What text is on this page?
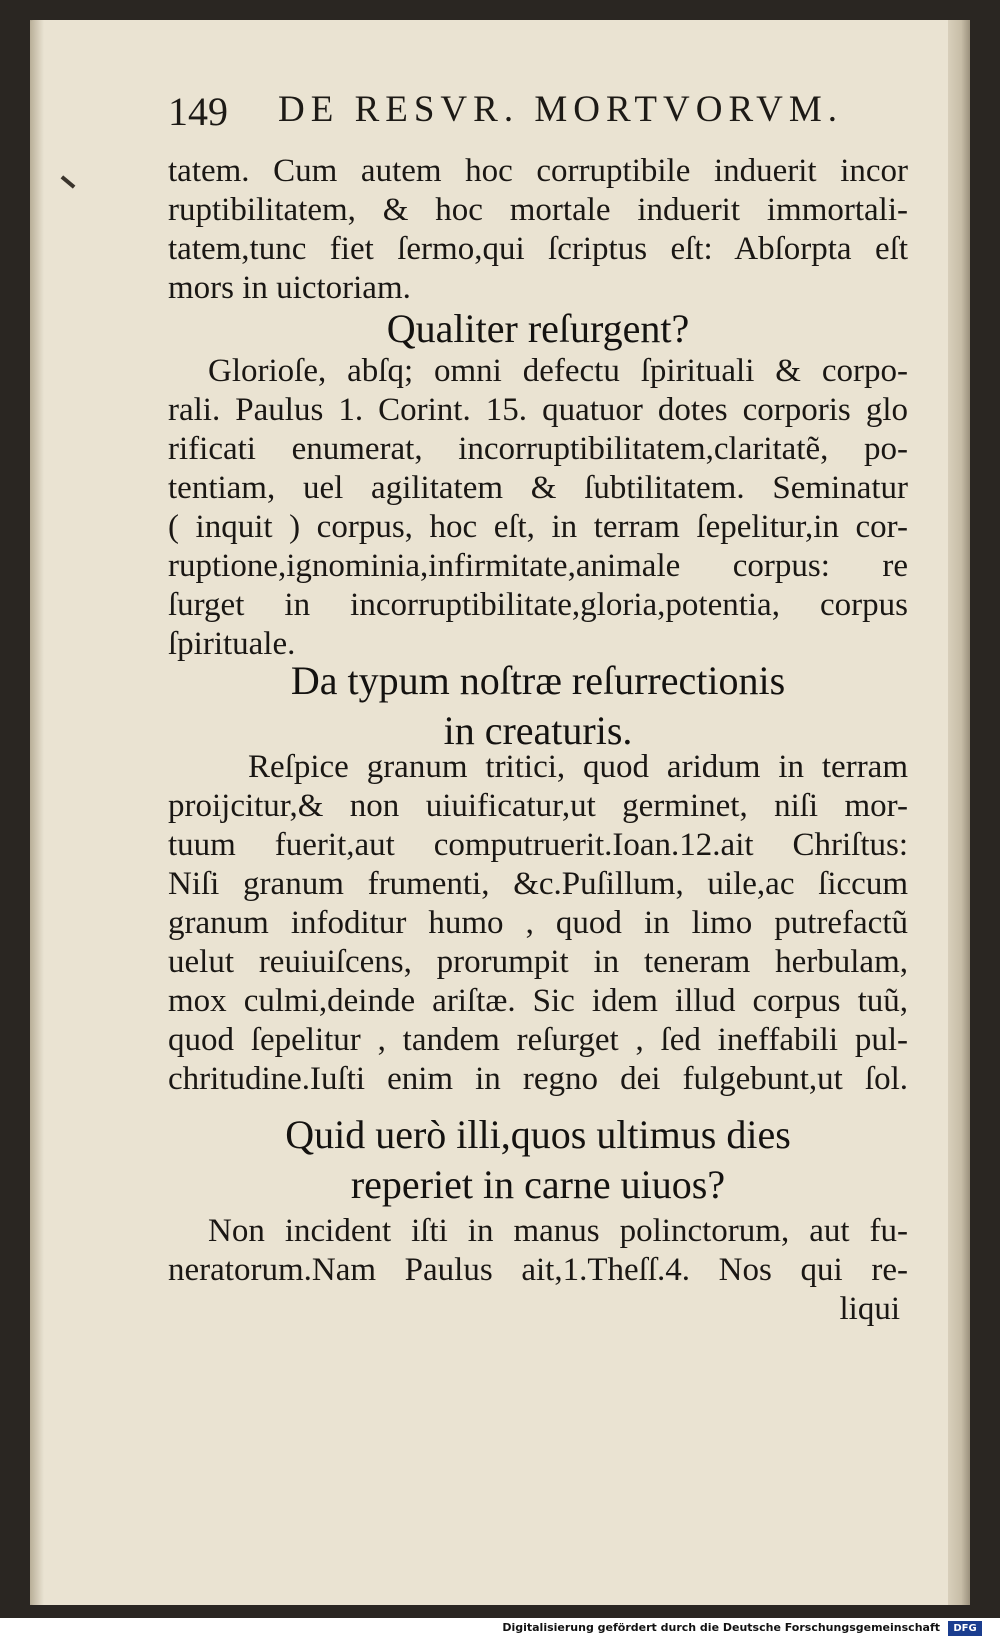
149 DE RESVR. MORTVORVM.
tatem. Cum autem hoc corruptibile induerit incor
ruptibilitatem, & hoc mortale induerit immortali-
tatem,tunc fiet ſermo,qui ſcriptus eſt: Abſorpta eſt
mors in uictoriam.
Qualiter reſurgent?
Glorioſe, abſq; omni defectu ſpirituali & corpo-
rali. Paulus 1. Corint. 15. quatuor dotes corporis glo
rificati enumerat, incorruptibilitatem,claritatẽ, po-
tentiam, uel agilitatem & ſubtilitatem. Seminatur
( inquit ) corpus, hoc eſt, in terram ſepelitur,in cor-
ruptione,ignominia,infirmitate,animale corpus: re
ſurget in incorruptibilitate,gloria,potentia, corpus
ſpirituale.
Da typum noſtræ reſurrectionis
in creaturis.
Reſpice granum tritici, quod aridum in terram
proijcitur,& non uiuificatur,ut germinet, niſi mor-
tuum fuerit,aut computruerit.Ioan.12.ait Chriſtus:
Niſi granum frumenti, &c.Puſillum, uile,ac ſiccum
granum infoditur humo , quod in limo putrefactũ
uelut reuiuiſcens, prorumpit in teneram herbulam,
mox culmi,deinde ariſtæ. Sic idem illud corpus tuũ,
quod ſepelitur , tandem reſurget , ſed ineffabili pul-
chritudine.Iuſti enim in regno dei fulgebunt,ut ſol.
Quid uerò illi,quos ultimus dies
reperiet in carne uiuos?
Non incident iſti in manus polinctorum, aut fu-
neratorum.Nam Paulus ait,1.Theſſ.4. Nos qui re-
liqui
Digitalisierung gefördert durch die Deutsche Forschungsgemeinschaft	DFG
